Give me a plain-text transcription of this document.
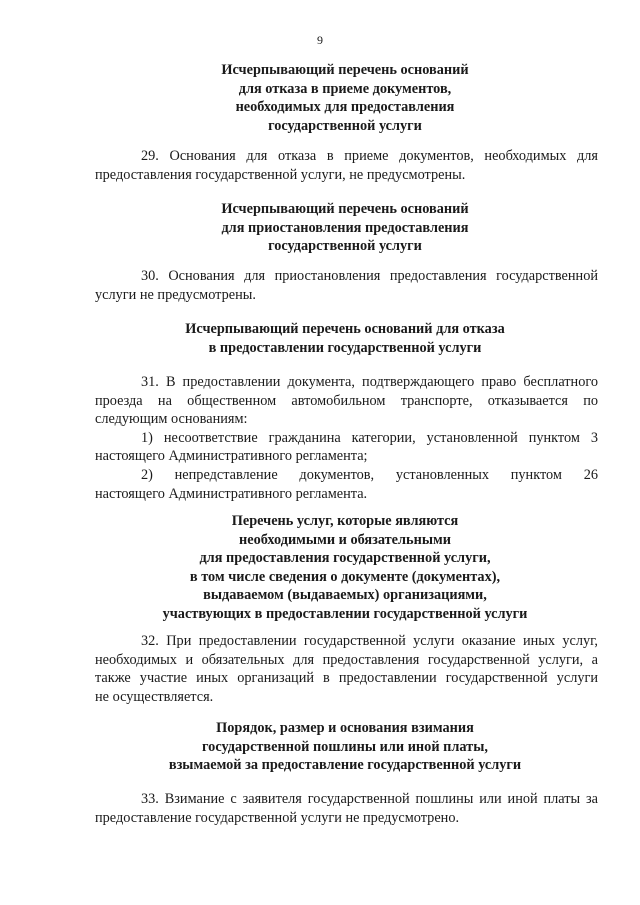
9
Исчерпывающий перечень оснований
для отказа в приеме документов,
необходимых для предоставления
государственной услуги
29. Основания для отказа в приеме документов, необходимых для
предоставления государственной услуги, не предусмотрены.
Исчерпывающий перечень оснований
для приостановления предоставления
государственной услуги
30. Основания для приостановления предоставления государственной
услуги не предусмотрены.
Исчерпывающий перечень оснований для отказа
в предоставлении государственной услуги
31. В предоставлении документа, подтверждающего право бесплатного
проезда на общественном автомобильном транспорте, отказывается по
следующим основаниям:
1) несоответствие гражданина категории, установленной пунктом 3
настоящего Административного регламента;
2) непредставление документов, установленных пунктом 26
настоящего Административного регламента.
Перечень услуг, которые являются
необходимыми и обязательными
для предоставления государственной услуги,
в том числе сведения о документе (документах),
выдаваемом (выдаваемых) организациями,
участвующих в предоставлении государственной услуги
32. При предоставлении государственной услуги оказание иных услуг,
необходимых и обязательных для предоставления государственной услуги, а
также участие иных организаций в предоставлении государственной услуги
не осуществляется.
Порядок, размер и основания взимания
государственной пошлины или иной платы,
взымаемой за предоставление государственной услуги
33. Взимание с заявителя государственной пошлины или иной платы за
предоставление государственной услуги не предусмотрено.
